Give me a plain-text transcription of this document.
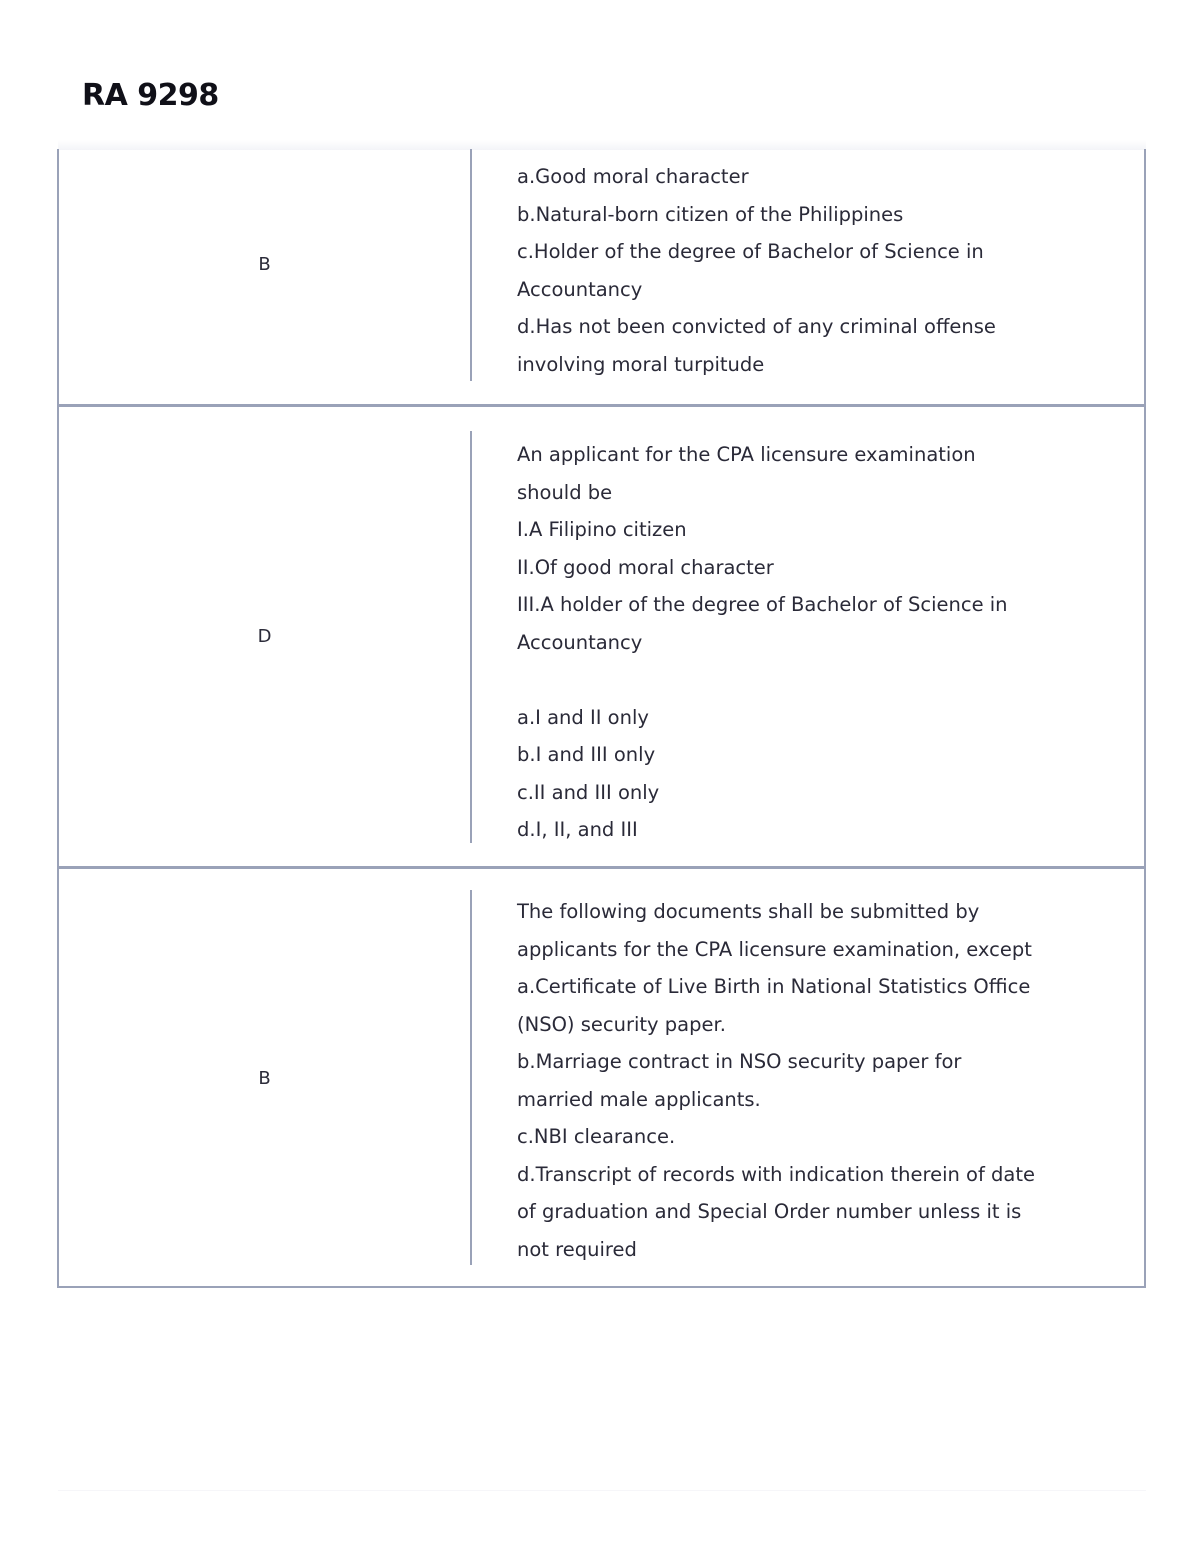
RA 9298
B
a.Good moral character
b.Natural-born citizen of the Philippines
c.Holder of the degree of Bachelor of Science in
Accountancy
d.Has not been convicted of any criminal offense
involving moral turpitude
D
An applicant for the CPA licensure examination
should be
I.A Filipino citizen
II.Of good moral character
III.A holder of the degree of Bachelor of Science in
Accountancy
a.I and II only
b.I and III only
c.II and III only
d.I, II, and III
B
The following documents shall be submitted by
applicants for the CPA licensure examination, except
a.Certificate of Live Birth in National Statistics Office
(NSO) security paper.
b.Marriage contract in NSO security paper for
married male applicants.
c.NBI clearance.
d.Transcript of records with indication therein of date
of graduation and Special Order number unless it is
not required
